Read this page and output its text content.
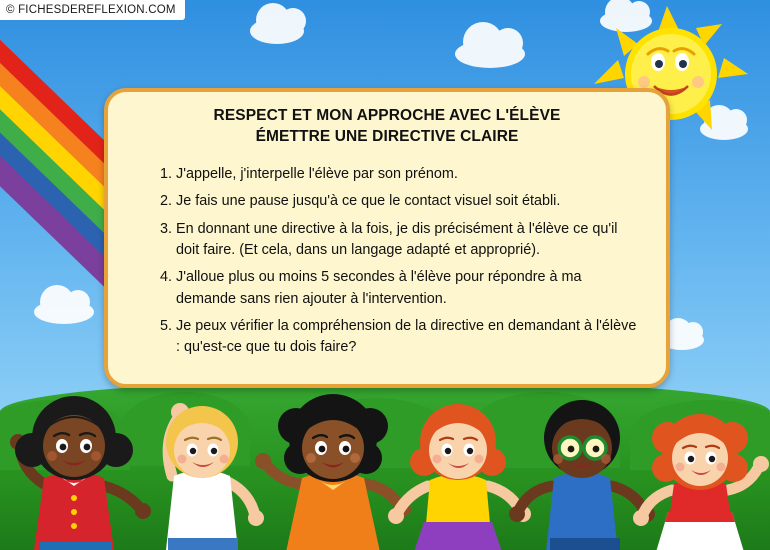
© FICHESDEREFLEXION.COM
RESPECT ET MON APPROCHE AVEC L'ÉLÈVE
ÉMETTRE UNE DIRECTIVE CLAIRE
J'appelle, j'interpelle l'élève par son prénom.
Je fais une pause jusqu'à ce que le contact visuel soit établi.
En donnant une directive à la fois, je dis précisément à l'élève ce qu'il doit faire. (Et cela, dans un langage adapté et approprié).
J'alloue plus ou moins 5 secondes à l'élève pour répondre à ma demande sans rien ajouter à l'intervention.
Je peux vérifier la compréhension de la directive en demandant à l'élève : qu'est-ce que tu dois faire?
